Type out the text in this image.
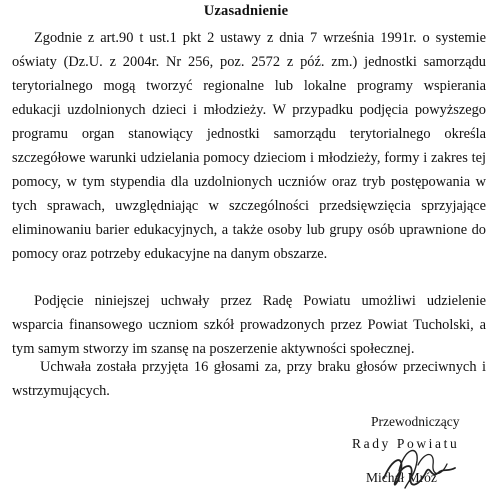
Uzasadnienie
Zgodnie z art.90 t ust.1 pkt 2 ustawy z dnia 7 września 1991r. o systemie oświaty (Dz.U. z 2004r. Nr 256, poz. 2572 z póź. zm.) jednostki samorządu terytorialnego mogą tworzyć regionalne lub lokalne programy wspierania edukacji uzdolnionych dzieci i młodzieży. W przypadku podjęcia powyższego programu organ stanowiący jednostki samorządu terytorialnego określa szczegółowe warunki udzielania pomocy dzieciom i młodzieży, formy i zakres tej pomocy, w tym stypendia dla uzdolnionych uczniów oraz tryb postępowania w tych sprawach, uwzględniając w szczególności przedsięwzięcia sprzyjające eliminowaniu barier edukacyjnych, a także osoby lub grupy osób uprawnione do pomocy oraz potrzeby edukacyjne na danym obszarze.
Podjęcie niniejszej uchwały przez Radę Powiatu umożliwi udzielenie wsparcia finansowego uczniom szkół prowadzonych przez Powiat Tucholski, a tym samym stworzy im szansę na poszerzenie aktywności społecznej.
Uchwała została przyjęta 16 głosami za, przy braku głosów przeciwnych i wstrzymujących.
Przewodniczący
Rady Powiatu
Michał Mróz
